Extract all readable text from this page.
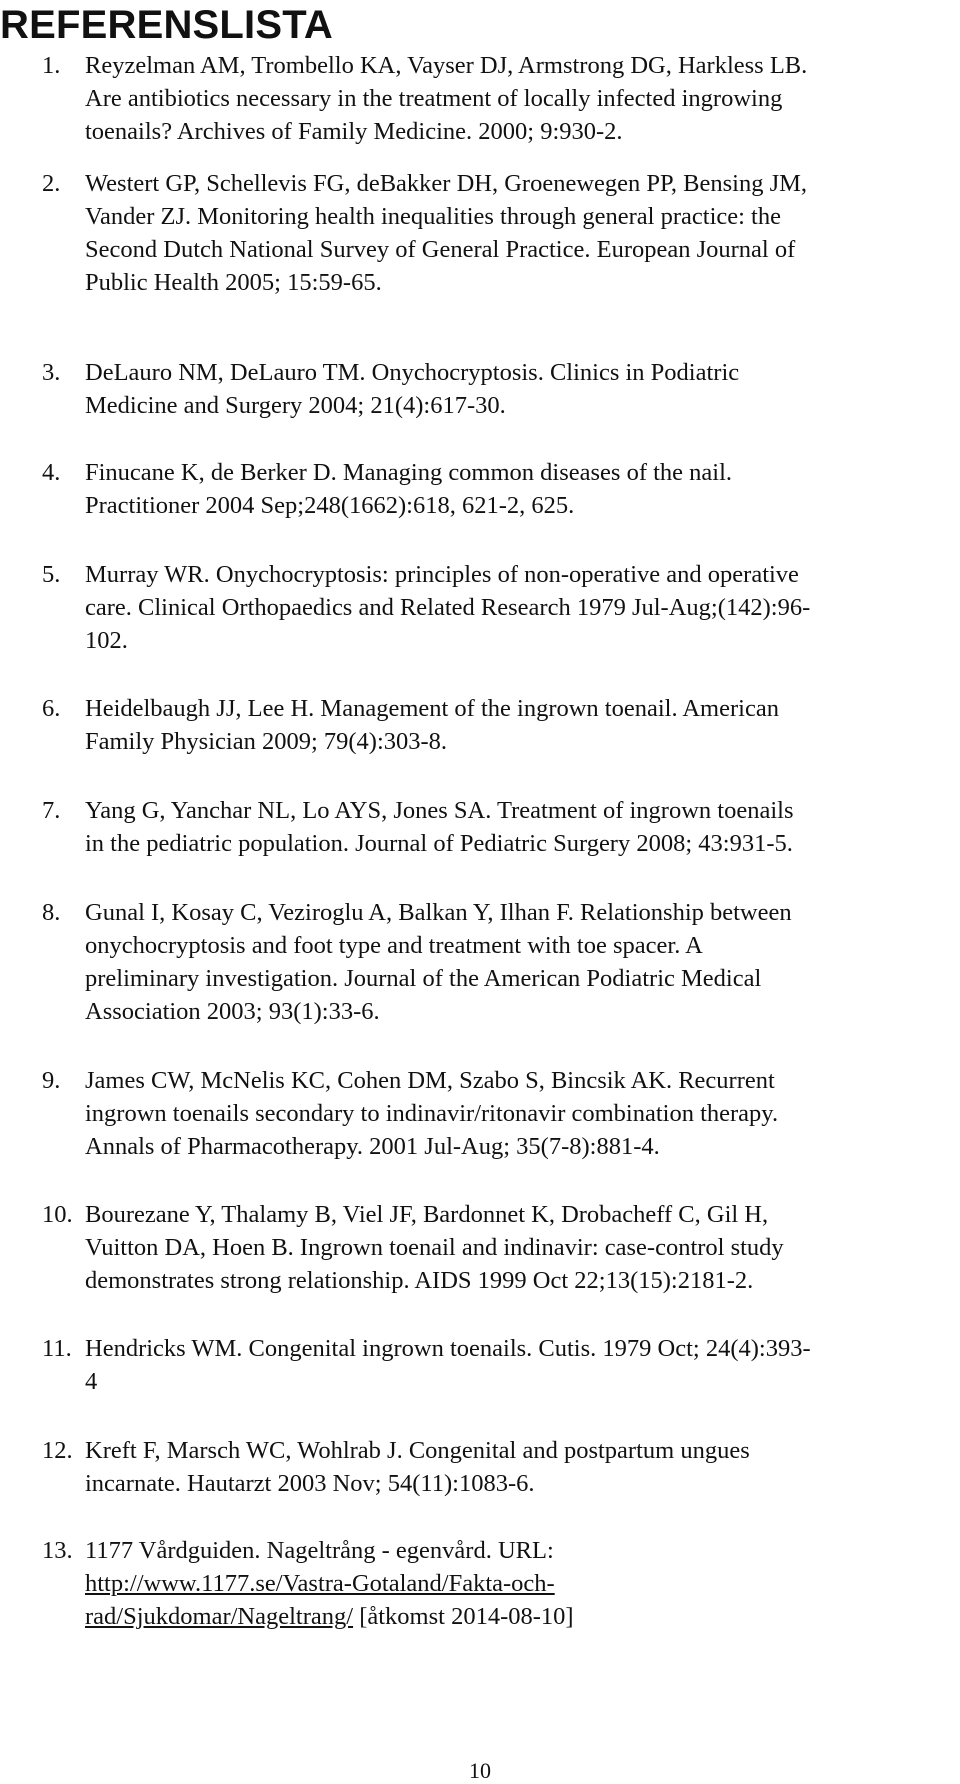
REFERENSLISTA
1. Reyzelman AM, Trombello KA, Vayser DJ, Armstrong DG, Harkless LB.
Are antibiotics necessary in the treatment of locally infected ingrowing
toenails? Archives of Family Medicine. 2000; 9:930-2.
2. Westert GP, Schellevis FG, deBakker DH, Groenewegen PP, Bensing JM,
Vander ZJ. Monitoring health inequalities through general practice: the
Second Dutch National Survey of General Practice. European Journal of
Public Health 2005; 15:59-65.
3. DeLauro NM, DeLauro TM. Onychocryptosis. Clinics in Podiatric
Medicine and Surgery 2004; 21(4):617-30.
4. Finucane K, de Berker D. Managing common diseases of the nail.
Practitioner 2004 Sep;248(1662):618, 621-2, 625.
5. Murray WR. Onychocryptosis: principles of non-operative and operative
care. Clinical Orthopaedics and Related Research 1979 Jul-Aug;(142):96-
102.
6. Heidelbaugh JJ, Lee H. Management of the ingrown toenail. American
Family Physician 2009; 79(4):303-8.
7. Yang G, Yanchar NL, Lo AYS, Jones SA. Treatment of ingrown toenails
in the pediatric population. Journal of Pediatric Surgery 2008; 43:931-5.
8. Gunal I, Kosay C, Veziroglu A, Balkan Y, Ilhan F. Relationship between
onychocryptosis and foot type and treatment with toe spacer. A
preliminary investigation. Journal of the American Podiatric Medical
Association 2003; 93(1):33-6.
9. James CW, McNelis KC, Cohen DM, Szabo S, Bincsik AK. Recurrent
ingrown toenails secondary to indinavir/ritonavir combination therapy.
Annals of Pharmacotherapy. 2001 Jul-Aug; 35(7-8):881-4.
10. Bourezane Y, Thalamy B, Viel JF, Bardonnet K, Drobacheff C, Gil H,
Vuitton DA, Hoen B. Ingrown toenail and indinavir: case-control study
demonstrates strong relationship. AIDS 1999 Oct 22;13(15):2181-2.
11. Hendricks WM. Congenital ingrown toenails. Cutis. 1979 Oct; 24(4):393-
4
12. Kreft F, Marsch WC, Wohlrab J. Congenital and postpartum ungues
incarnate. Hautarzt 2003 Nov; 54(11):1083-6.
13. 1177 Vårdguiden. Nageltrång - egenvård. URL:
http://www.1177.se/Vastra-Gotaland/Fakta-och-
rad/Sjukdomar/Nageltrang/ [åtkomst 2014-08-10]
10
